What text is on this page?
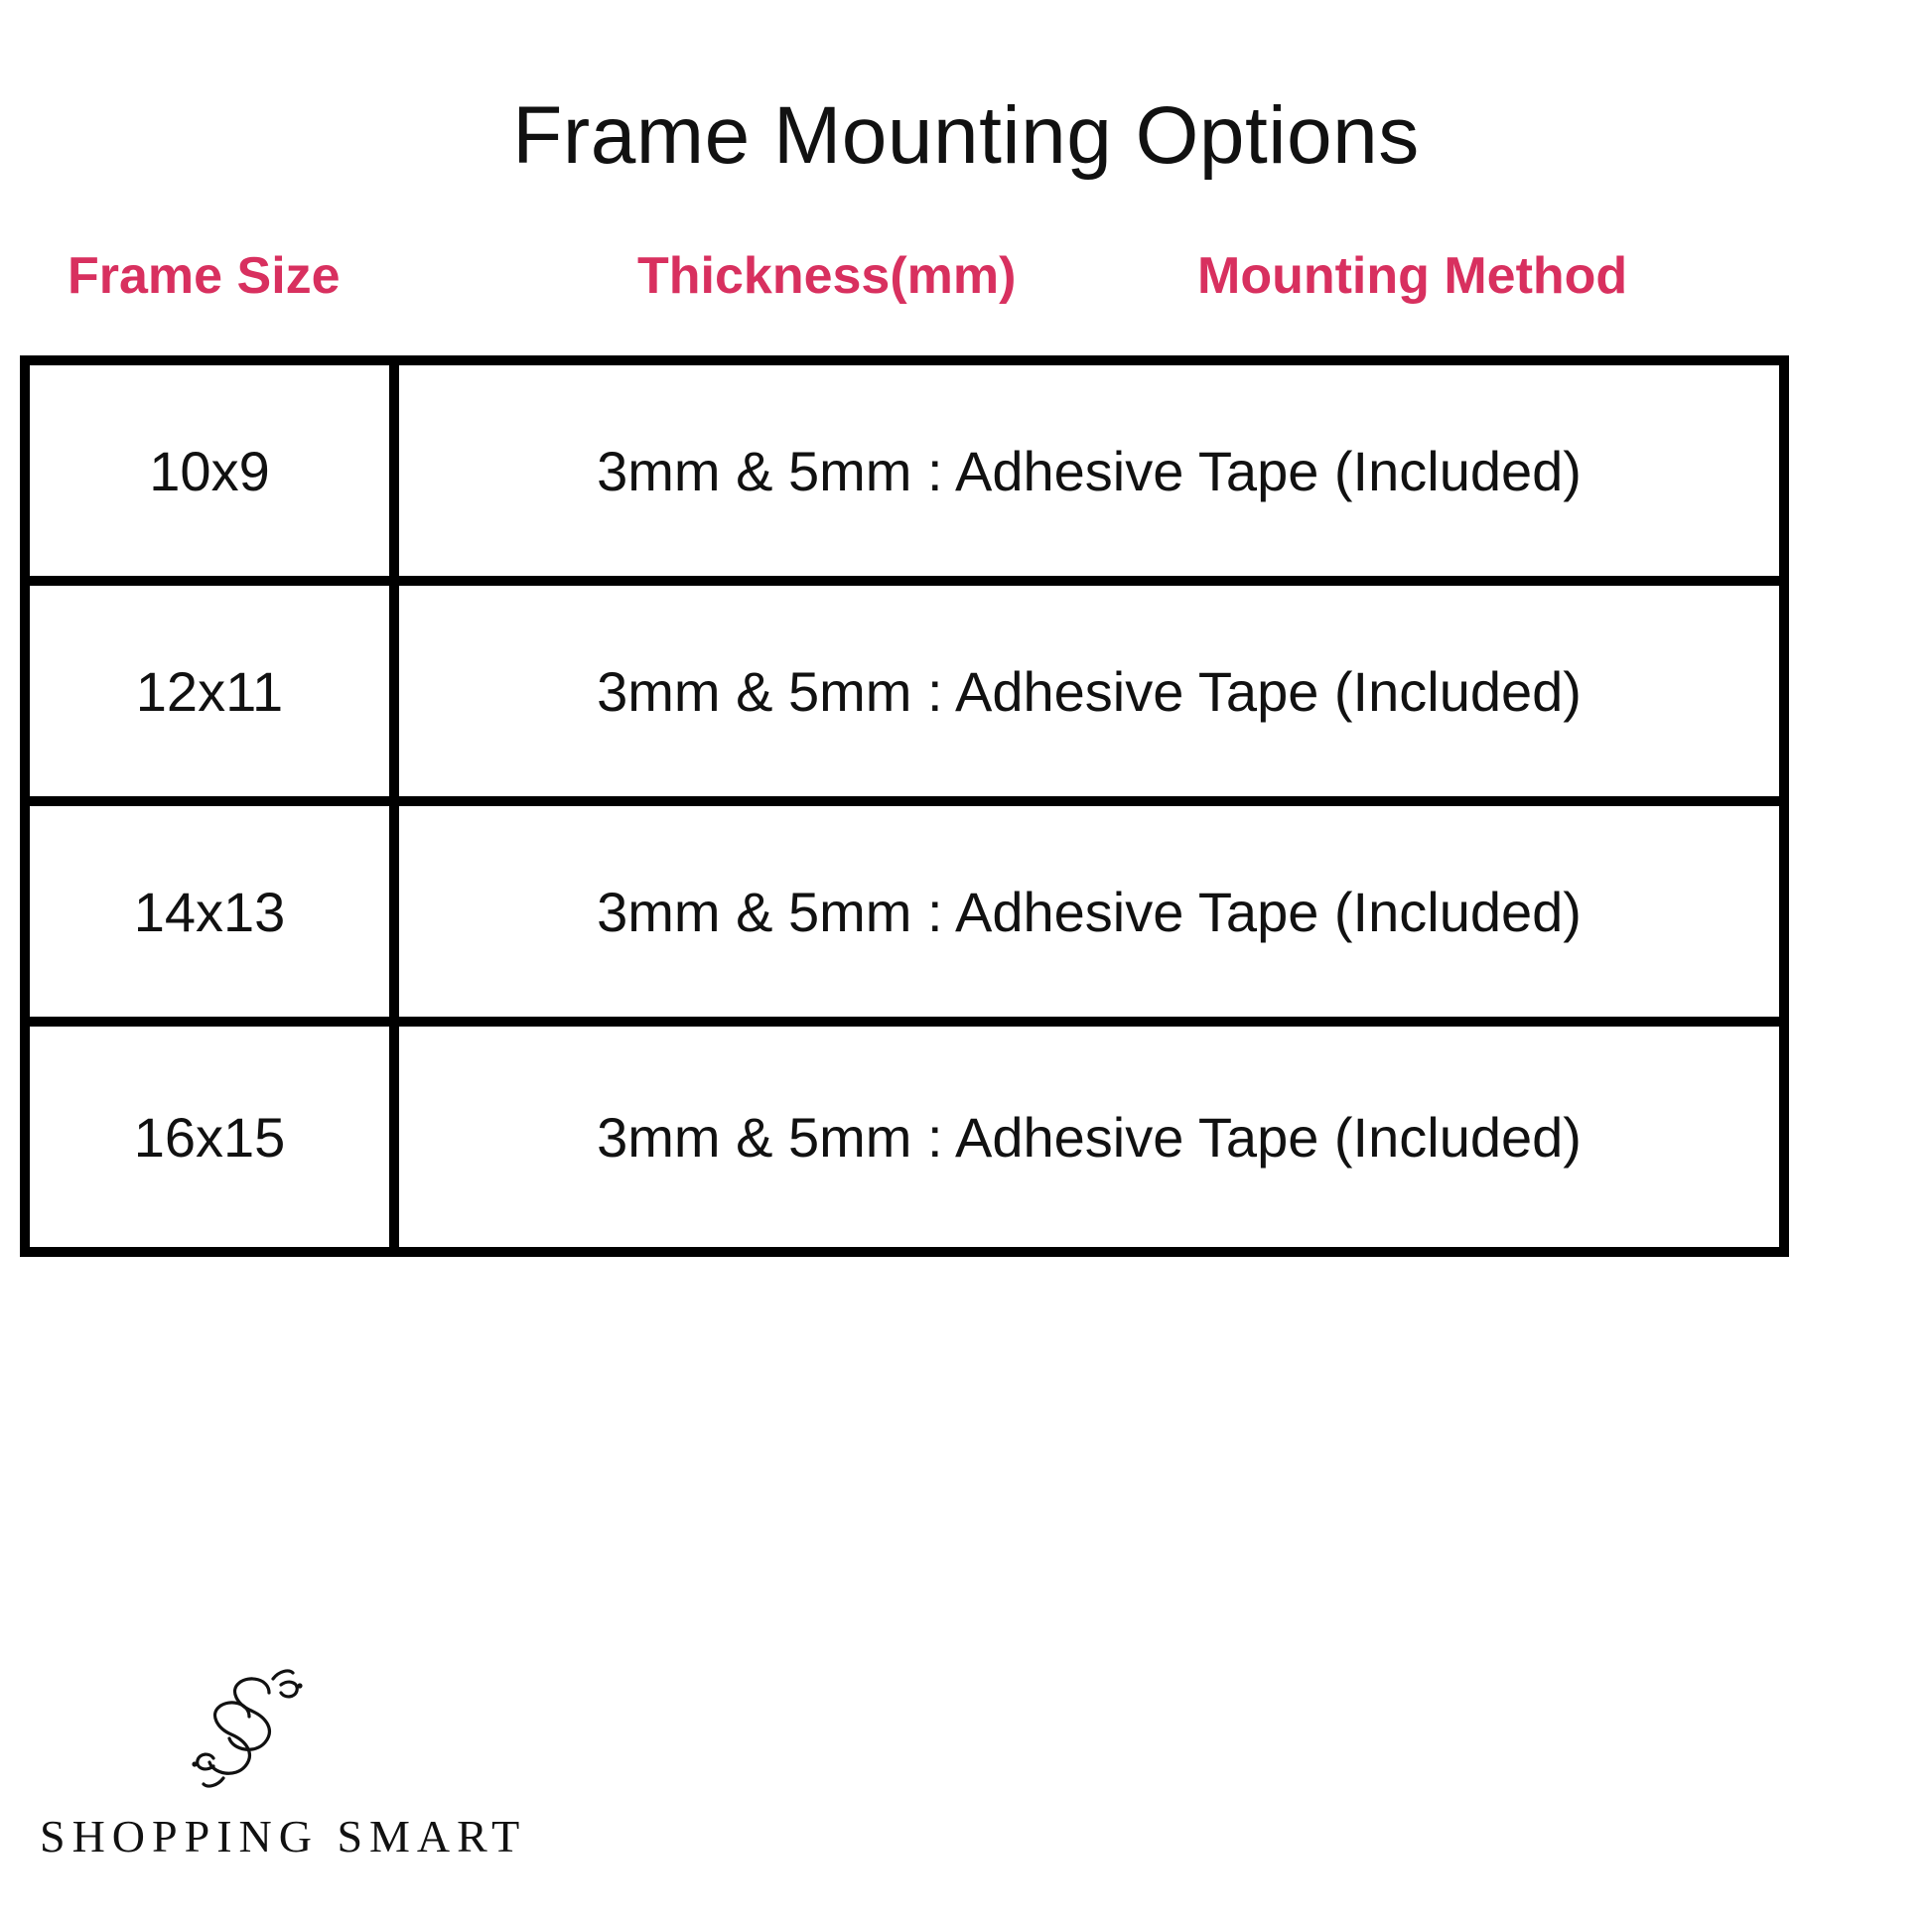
Frame Mounting Options
Frame Size	Thickness(mm)	Mounting Method
10x9	3mm & 5mm : Adhesive Tape (Included)
12x11	3mm & 5mm : Adhesive Tape (Included)
14x13	3mm & 5mm : Adhesive Tape (Included)
16x15	3mm & 5mm : Adhesive Tape (Included)
SHOPPING SMART
